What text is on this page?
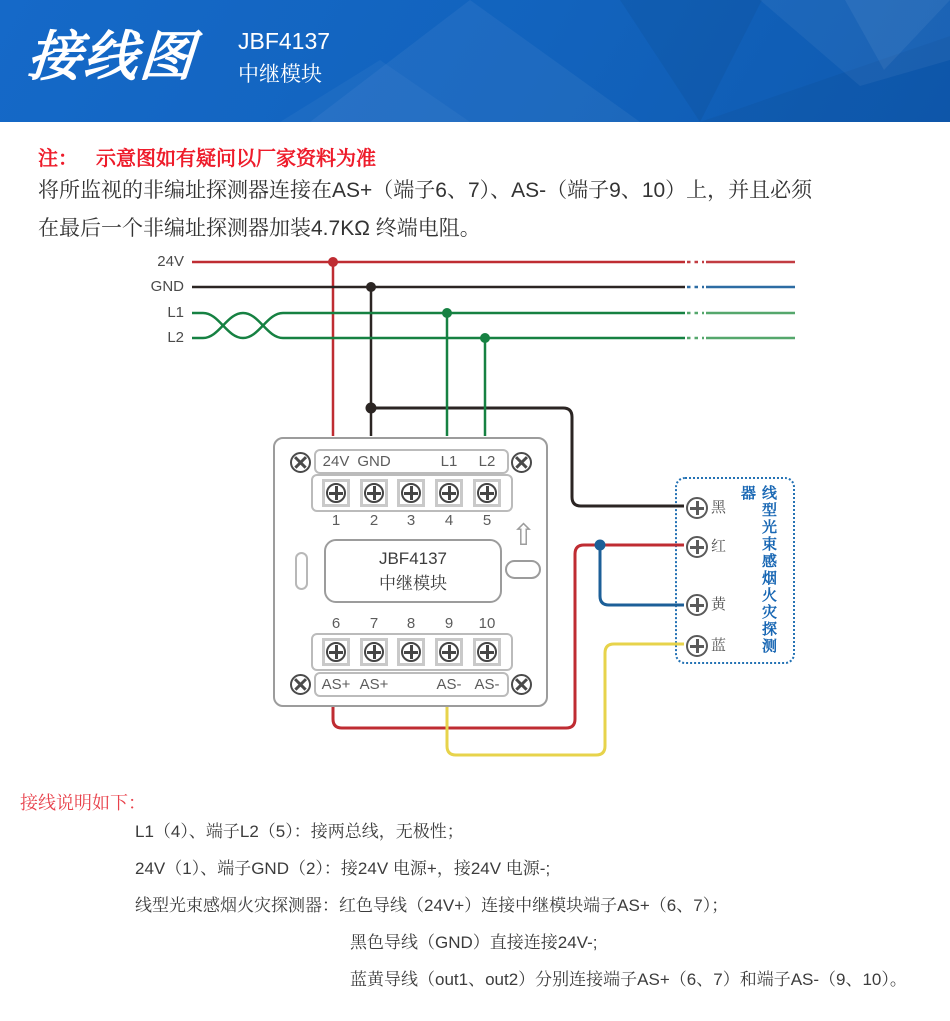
接线图 JBF4137
中继模块
注： 示意图如有疑问以厂家资料为准
将所监视的非编址探测器连接在AS+（端子6、7）、AS-（端子9、10）上，并且必须
在最后一个非编址探测器加装4.7KΩ 终端电阻。
24V
GND
L1
L2
黑
红
黄
蓝	线型光束感烟火灾探测器
24V GND	L1 L2
1 2 3 4 5
JBF4137
中继模块
⇧
6 7 8 9 10
AS+ AS+	AS- AS-
接线说明如下：
L1（4）、端子L2（5）：接两总线，无极性；
24V（1）、端子GND（2）：接24V 电源+，接24V 电源-;
线型光束感烟火灾探测器：红色导线（24V+）连接中继模块端子AS+（6、7）；
黑色导线（GND）直接连接24V-;
蓝黄导线（out1、out2）分别连接端子AS+（6、7）和端子AS-（9、10）。
